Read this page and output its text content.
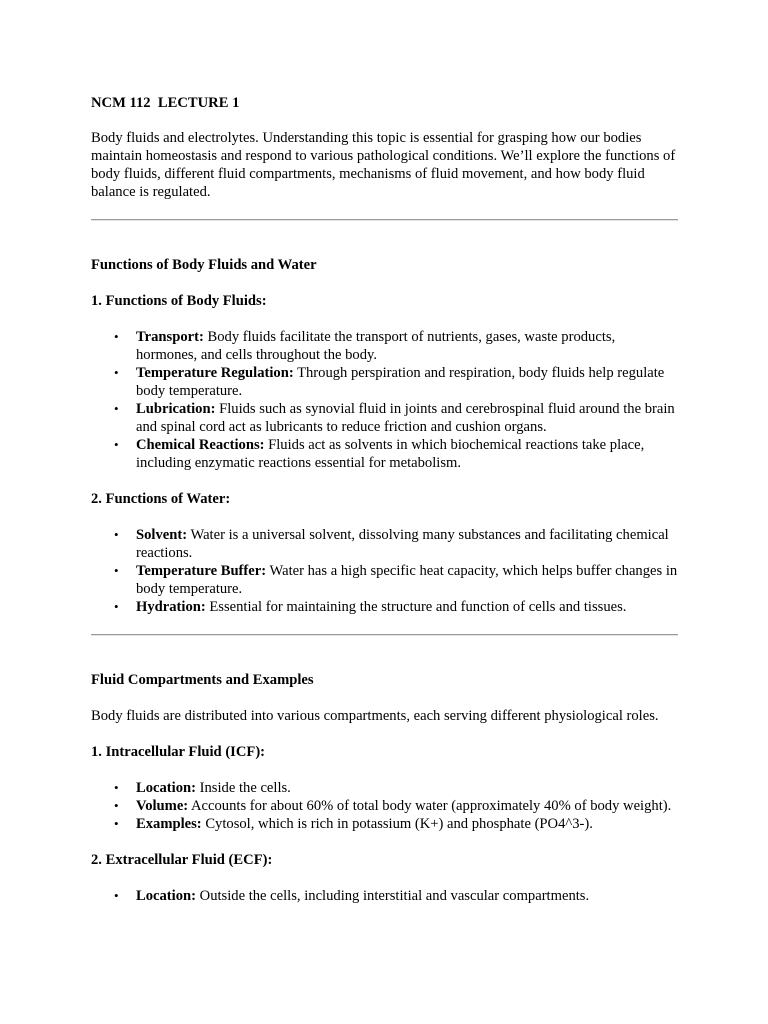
NCM 112  LECTURE 1

Body fluids and electrolytes. Understanding this topic is essential for grasping how our bodies maintain homeostasis and respond to various pathological conditions. We’ll explore the functions of body fluids, different fluid compartments, mechanisms of fluid movement, and how body fluid balance is regulated.

Functions of Body Fluids and Water

1. Functions of Body Fluids:

• Transport: Body fluids facilitate the transport of nutrients, gases, waste products, hormones, and cells throughout the body.
• Temperature Regulation: Through perspiration and respiration, body fluids help regulate body temperature.
• Lubrication: Fluids such as synovial fluid in joints and cerebrospinal fluid around the brain and spinal cord act as lubricants to reduce friction and cushion organs.
• Chemical Reactions: Fluids act as solvents in which biochemical reactions take place, including enzymatic reactions essential for metabolism.

2. Functions of Water:

• Solvent: Water is a universal solvent, dissolving many substances and facilitating chemical reactions.
• Temperature Buffer: Water has a high specific heat capacity, which helps buffer changes in body temperature.
• Hydration: Essential for maintaining the structure and function of cells and tissues.

Fluid Compartments and Examples

Body fluids are distributed into various compartments, each serving different physiological roles.

1. Intracellular Fluid (ICF):

• Location: Inside the cells.
• Volume: Accounts for about 60% of total body water (approximately 40% of body weight).
• Examples: Cytosol, which is rich in potassium (K+) and phosphate (PO4^3-).

2. Extracellular Fluid (ECF):

• Location: Outside the cells, including interstitial and vascular compartments.
